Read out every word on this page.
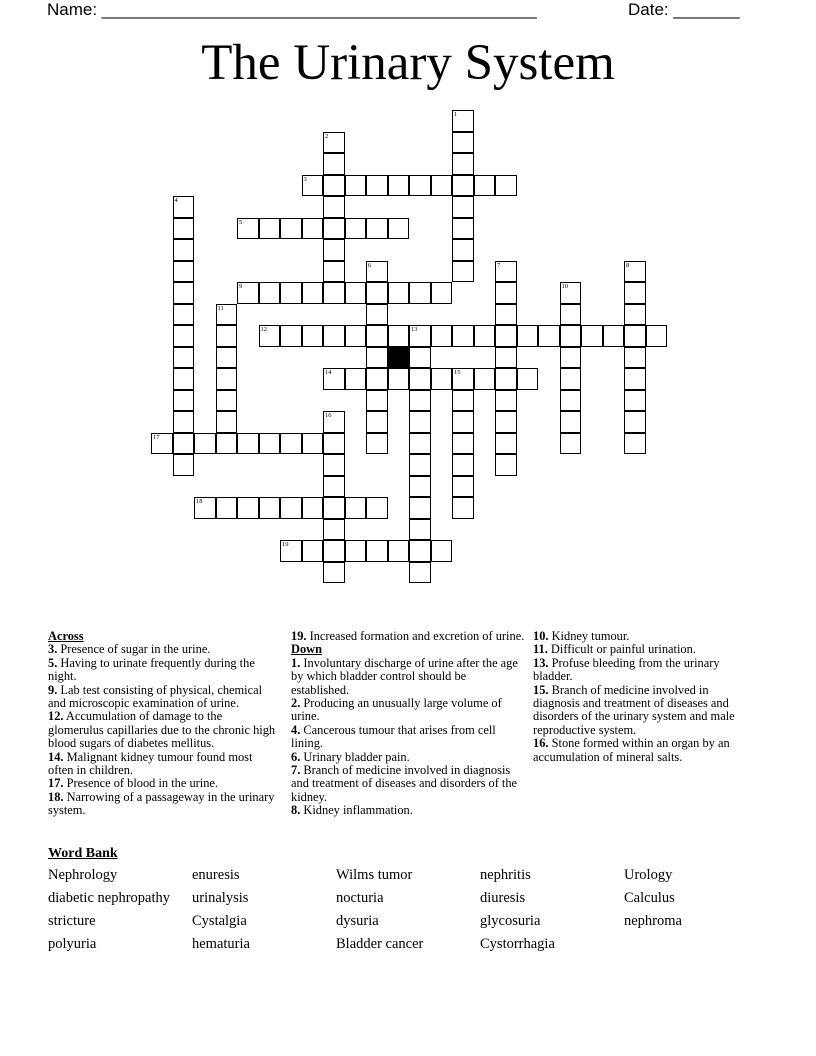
Name: ______________________________________________	Date: _______
The Urinary System
1
2
3
4
5
6	7	8
9	10
11
12	13
14	15
16
17
18
19
Across

3. Presence of sugar in the urine.

5. Having to urinate frequently during the night.

9. Lab test consisting of physical, chemical and microscopic examination of urine.

12. Accumulation of damage to the glomerulus capillaries due to the chronic high blood sugars of diabetes mellitus.

14. Malignant kidney tumour found most often in children.

17. Presence of blood in the urine.

18. Narrowing of a passageway in the urinary system.

19. Increased formation and excretion of urine.

Down

1. Involuntary discharge of urine after the age by which bladder control should be established.

2. Producing an unusually large volume of urine.

4. Cancerous tumour that arises from cell lining.

6. Urinary bladder pain.

7. Branch of medicine involved in diagnosis and treatment of diseases and disorders of the kidney.

8. Kidney inflammation.

10. Kidney tumour.

11. Difficult or painful urination.

13. Profuse bleeding from the urinary bladder.

15. Branch of medicine involved in diagnosis and treatment of diseases and disorders of the urinary system and male reproductive system.

16. Stone formed within an organ by an accumulation of mineral salts.

Word Bank
Nephrology	enuresis	Wilms tumor	nephritis	Urology
diabetic nephropathy	urinalysis	nocturia	diuresis	Calculus
stricture	Cystalgia	dysuria	glycosuria	nephroma
polyuria	hematuria	Bladder cancer	Cystorrhagia
